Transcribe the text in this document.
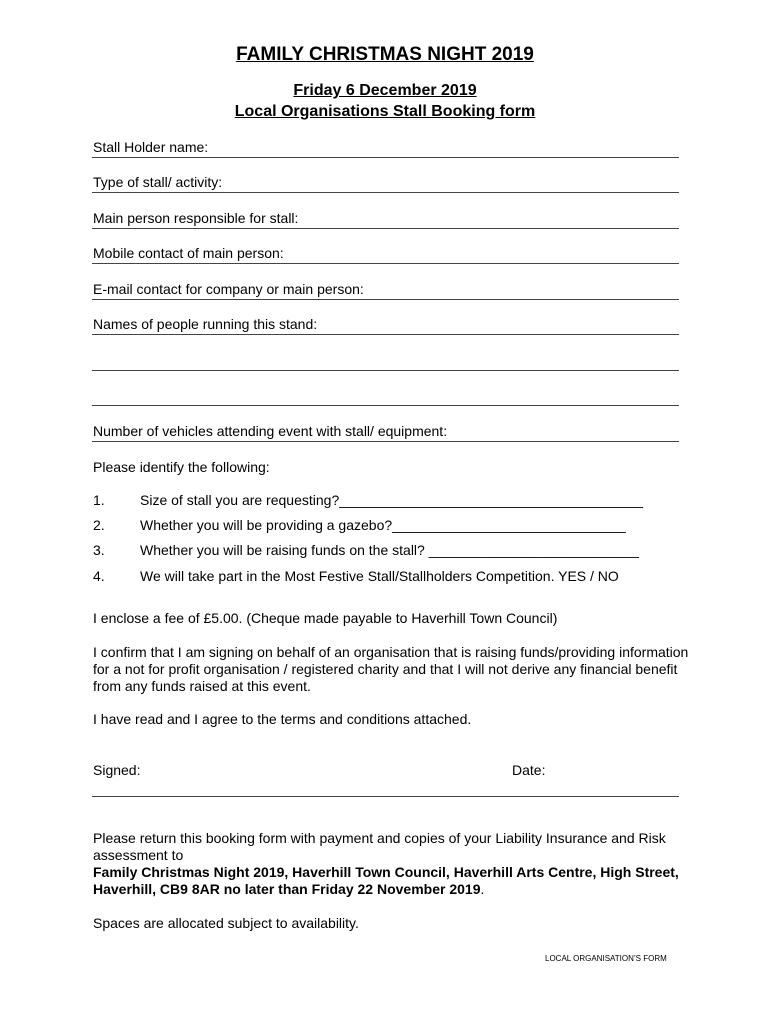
FAMILY CHRISTMAS NIGHT 2019
Friday 6 December 2019
Local Organisations Stall Booking form
Stall Holder name:
Type of stall/ activity:
Main person responsible for stall:
Mobile contact of main person:
E-mail contact for company or main person:
Names of people running this stand:
Number of vehicles attending event with stall/ equipment:
Please identify the following:
1.	Size of stall you are requesting?_______________________________________
2.	Whether you will be providing a gazebo?______________________________
3.	Whether you will be raising funds on the stall? ___________________________
4.	We will take part in the Most Festive Stall/Stallholders Competition. YES / NO
I enclose a fee of £5.00. (Cheque made payable to Haverhill Town Council)
I confirm that I am signing on behalf of an organisation that is raising funds/providing information for a not for profit organisation / registered charity and that I will not derive any financial benefit from any funds raised at this event.
I have read and I agree to the terms and conditions attached.
Signed:	Date:
Please return this booking form with payment and copies of your Liability Insurance and Risk assessment to
Family Christmas Night 2019, Haverhill Town Council, Haverhill Arts Centre, High Street, Haverhill, CB9 8AR no later than Friday 22 November 2019.
Spaces are allocated subject to availability.
LOCAL ORGANISATION’S FORM
